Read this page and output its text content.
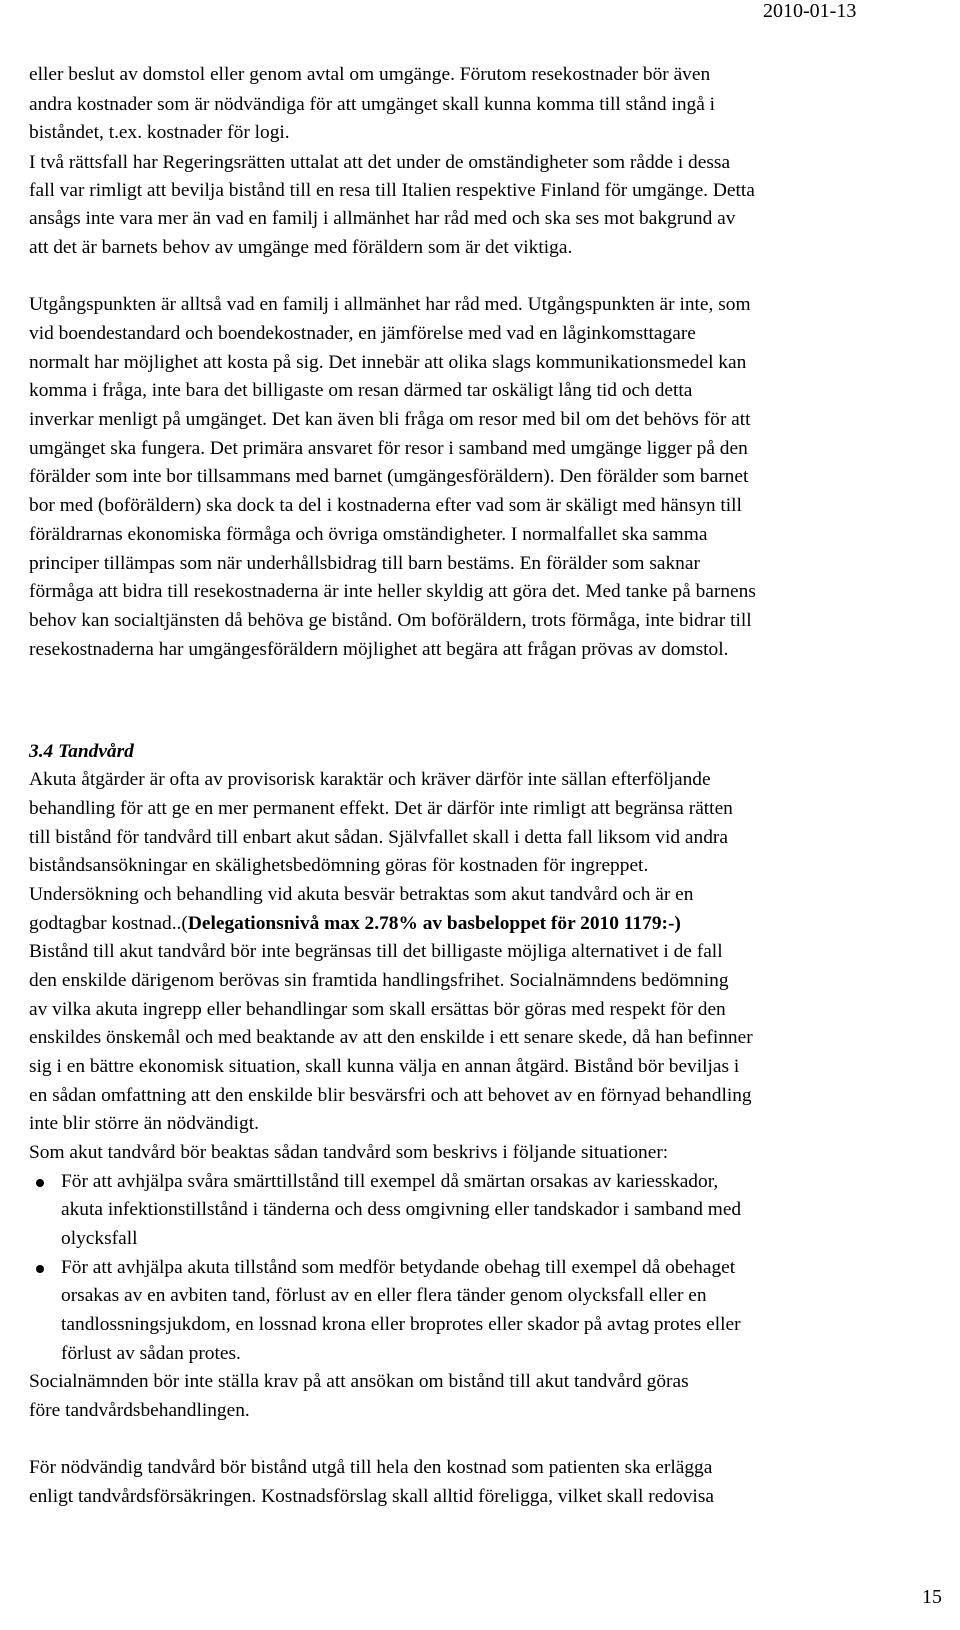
2010-01-13
eller beslut av domstol eller genom avtal om umgänge. Förutom resekostnader bör även
andra kostnader som är nödvändiga för att umgänget skall kunna komma till stånd ingå i
biståndet, t.ex. kostnader för logi.
I två rättsfall har Regeringsrätten uttalat att det under de omständigheter som rådde i dessa
fall var rimligt att bevilja bistånd till en resa till Italien respektive Finland för umgänge. Detta
ansågs inte vara mer än vad en familj i allmänhet har råd med och ska ses mot bakgrund av
att det är barnets behov av umgänge med föräldern som är det viktiga.
Utgångspunkten är alltså vad en familj i allmänhet har råd med. Utgångspunkten är inte, som
vid boendestandard och boendekostnader, en jämförelse med vad en låginkomsttagare
normalt har möjlighet att kosta på sig. Det innebär att olika slags kommunikationsmedel kan
komma i fråga, inte bara det billigaste om resan därmed tar oskäligt lång tid och detta
inverkar menligt på umgänget. Det kan även bli fråga om resor med bil om det behövs för att
umgänget ska fungera. Det primära ansvaret för resor i samband med umgänge ligger på den
förälder som inte bor tillsammans med barnet (umgängesföräldern). Den förälder som barnet
bor med (boföräldern) ska dock ta del i kostnaderna efter vad som är skäligt med hänsyn till
föräldrarnas ekonomiska förmåga och övriga omständigheter. I normalfallet ska samma
principer tillämpas som när underhållsbidrag till barn bestäms. En förälder som saknar
förmåga att bidra till resekostnaderna är inte heller skyldig att göra det. Med tanke på barnens
behov kan socialtjänsten då behöva ge bistånd. Om boföräldern, trots förmåga, inte bidrar till
resekostnaderna har umgängesföräldern möjlighet att begära att frågan prövas av domstol.
3.4 Tandvård
Akuta åtgärder är ofta av provisorisk karaktär och kräver därför inte sällan efterföljande
behandling för att ge en mer permanent effekt. Det är därför inte rimligt att begränsa rätten
till bistånd för tandvård till enbart akut sådan. Självfallet skall i detta fall liksom vid andra
biståndsansökningar en skälighetsbedömning göras för kostnaden för ingreppet.
Undersökning och behandling vid akuta besvär betraktas som akut tandvård och är en
godtagbar kostnad..(Delegationsnivå max 2.78% av basbeloppet för 2010 1179:-)
Bistånd till akut tandvård bör inte begränsas till det billigaste möjliga alternativet i de fall
den enskilde därigenom berövas sin framtida handlingsfrihet. Socialnämndens bedömning
av vilka akuta ingrepp eller behandlingar som skall ersättas bör göras med respekt för den
enskildes önskemål och med beaktande av att den enskilde i ett senare skede, då han befinner
sig i en bättre ekonomisk situation, skall kunna välja en annan åtgärd. Bistånd bör beviljas i
en sådan omfattning att den enskilde blir besvärsfri och att behovet av en förnyad behandling
inte blir större än nödvändigt.
Som akut tandvård bör beaktas sådan tandvård som beskrivs i följande situationer:
För att avhjälpa svåra smärttillstånd till exempel då smärtan orsakas av kariesskador,
akuta infektionstillstånd i tänderna och dess omgivning eller tandskador i samband med
olycksfall
För att avhjälpa akuta tillstånd som medför betydande obehag till exempel då obehaget
orsakas av en avbiten tand, förlust av en eller flera tänder genom olycksfall eller en
tandlossningsjukdom, en lossnad krona eller broprotes eller skador på avtag protes eller
förlust av sådan protes.
Socialnämnden bör inte ställa krav på att ansökan om bistånd till akut tandvård göras
före tandvårdsbehandlingen.
För nödvändig tandvård bör bistånd utgå till hela den kostnad som patienten ska erlägga
enligt tandvårdsförsäkringen. Kostnadsförslag skall alltid föreligga, vilket skall redovisa
15
